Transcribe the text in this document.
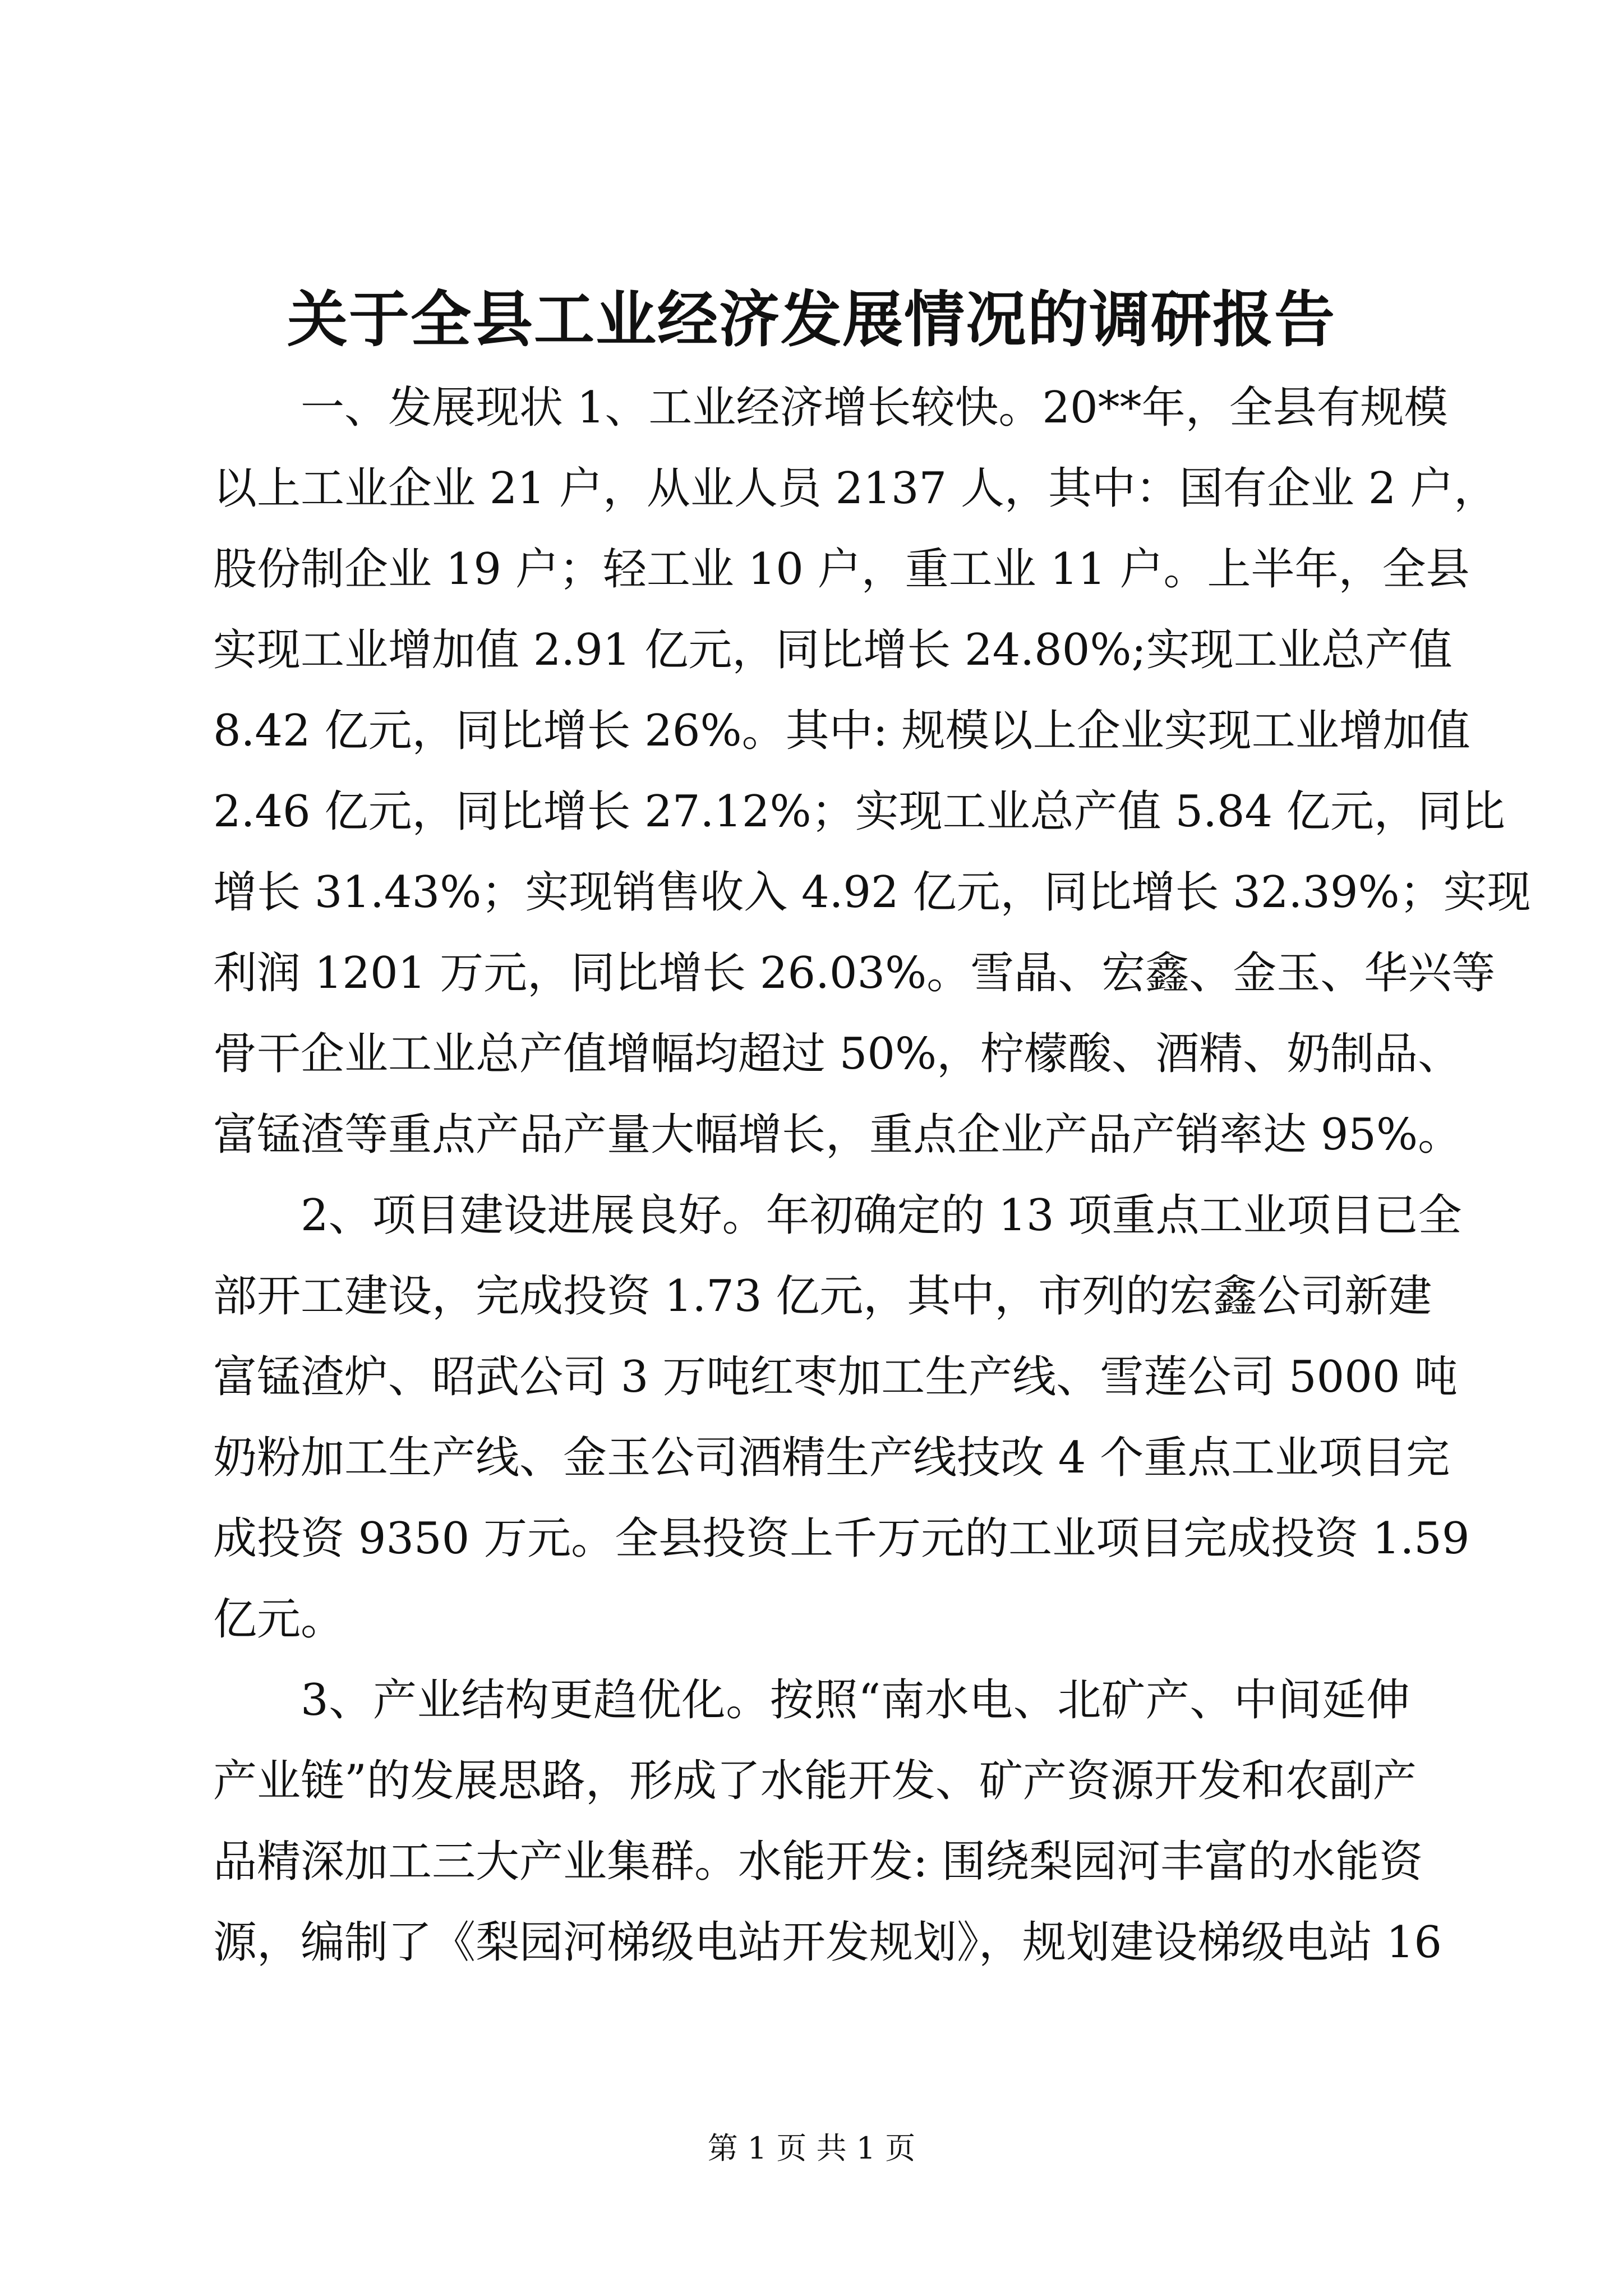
关于全县工业经济发展情况的调研报告
一、发展现状 1、工业经济增长较快。20**年，全县有规模
以上工业企业 21 户，从业人员 2137 人，其中：国有企业 2 户，
股份制企业 19 户；轻工业 10 户，重工业 11 户。上半年，全县
实现工业增加值 2.91 亿元，同比增长 24.80%;实现工业总产值
8.42 亿元，同比增长 26%。其中: 规模以上企业实现工业增加值
2.46 亿元，同比增长 27.12%；实现工业总产值 5.84 亿元，同比
增长 31.43%；实现销售收入 4.92 亿元，同比增长 32.39%；实现
利润 1201 万元，同比增长 26.03%。雪晶、宏鑫、金玉、华兴等
骨干企业工业总产值增幅均超过 50%，柠檬酸、酒精、奶制品、
富锰渣等重点产品产量大幅增长，重点企业产品产销率达 95%。
2、项目建设进展良好。年初确定的 13 项重点工业项目已全
部开工建设，完成投资 1.73 亿元，其中，市列的宏鑫公司新建
富锰渣炉、昭武公司 3 万吨红枣加工生产线、雪莲公司 5000 吨
奶粉加工生产线、金玉公司酒精生产线技改 4 个重点工业项目完
成投资 9350 万元。全县投资上千万元的工业项目完成投资 1.59
亿元。
3、产业结构更趋优化。按照“南水电、北矿产、中间延伸
产业链”的发展思路，形成了水能开发、矿产资源开发和农副产
品精深加工三大产业集群。水能开发: 围绕梨园河丰富的水能资
源，编制了《梨园河梯级电站开发规划》，规划建设梯级电站 16
第 1 页 共 1 页
